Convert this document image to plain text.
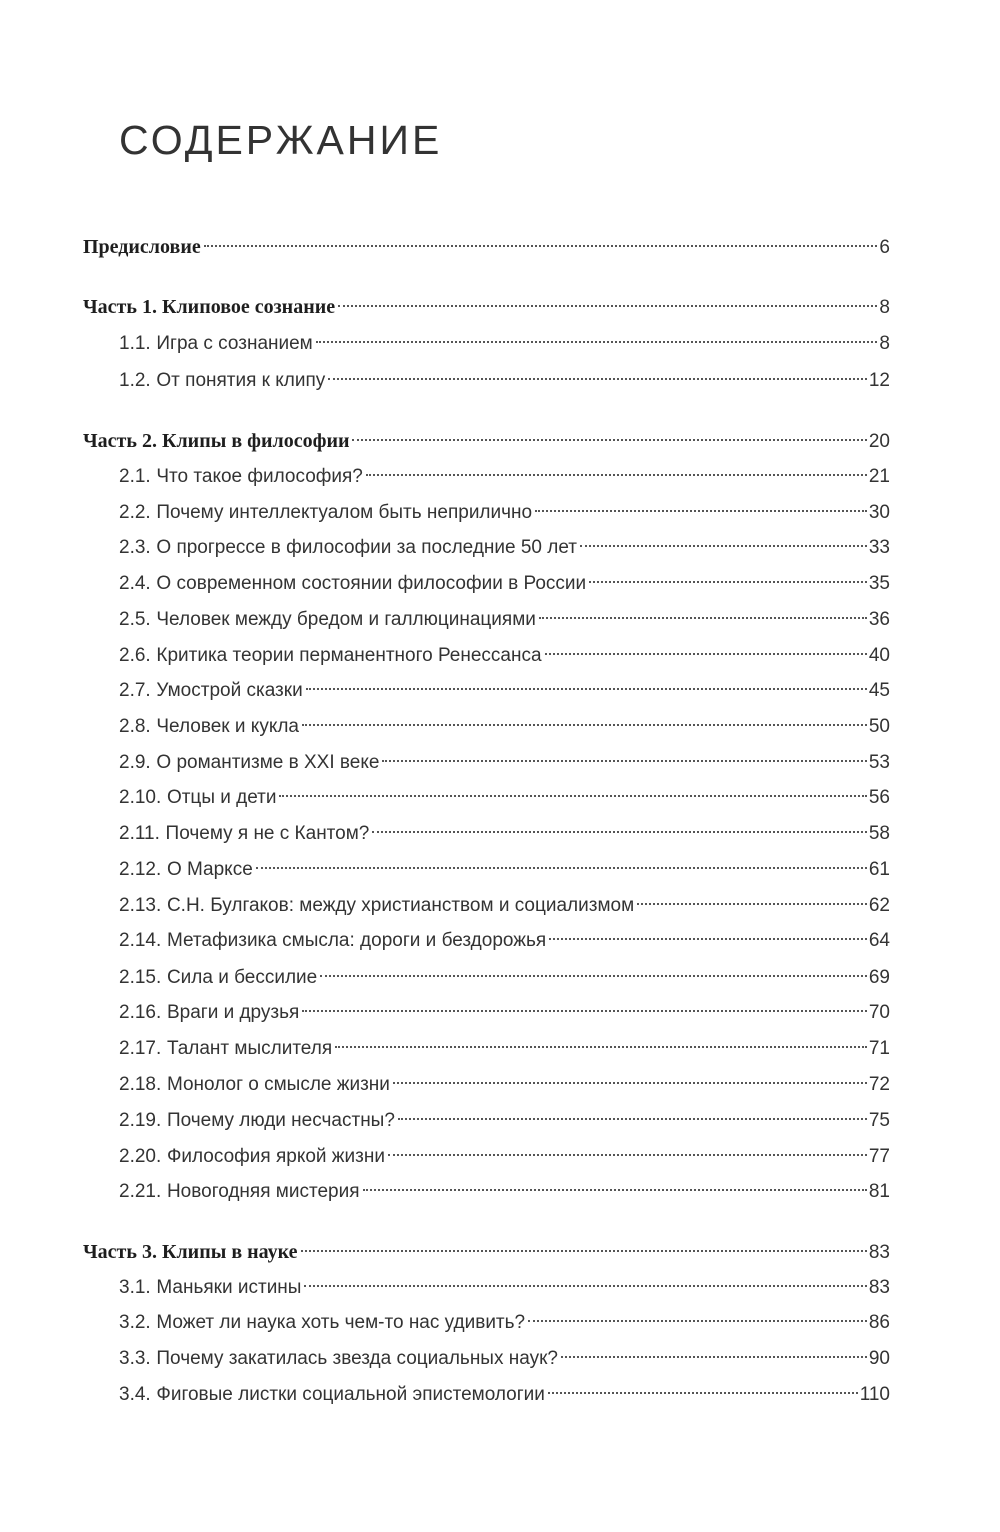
СОДЕРЖАНИЕ
Предисловие	6
Часть 1. Клиповое сознание	8
1.1. Игра с сознанием	8
1.2. От понятия к клипу	12
Часть 2. Клипы в философии	20
2.1. Что такое философия?	21
2.2. Почему интеллектуалом быть неприлично	30
2.3. О прогрессе в философии за последние 50 лет	33
2.4. О современном состоянии философии в России	35
2.5. Человек между бредом и галлюцинациями	36
2.6. Критика теории перманентного Ренессанса	40
2.7. Умострой сказки	45
2.8. Человек и кукла	50
2.9. О романтизме в XXI веке	53
2.10. Отцы и дети	56
2.11. Почему я не с Кантом?	58
2.12. О Марксе	61
2.13. С.Н. Булгаков: между христианством и социализмом	62
2.14. Метафизика смысла: дороги и бездорожья	64
2.15. Сила и бессилие	69
2.16. Враги и друзья	70
2.17. Талант мыслителя	71
2.18. Монолог о смысле жизни	72
2.19. Почему люди несчастны?	75
2.20. Философия яркой жизни	77
2.21. Новогодняя мистерия	81
Часть 3. Клипы в науке	83
3.1. Маньяки истины	83
3.2. Может ли наука хоть чем-то нас удивить?	86
3.3. Почему закатилась звезда социальных наук?	90
3.4. Фиговые листки социальной эпистемологии	110
